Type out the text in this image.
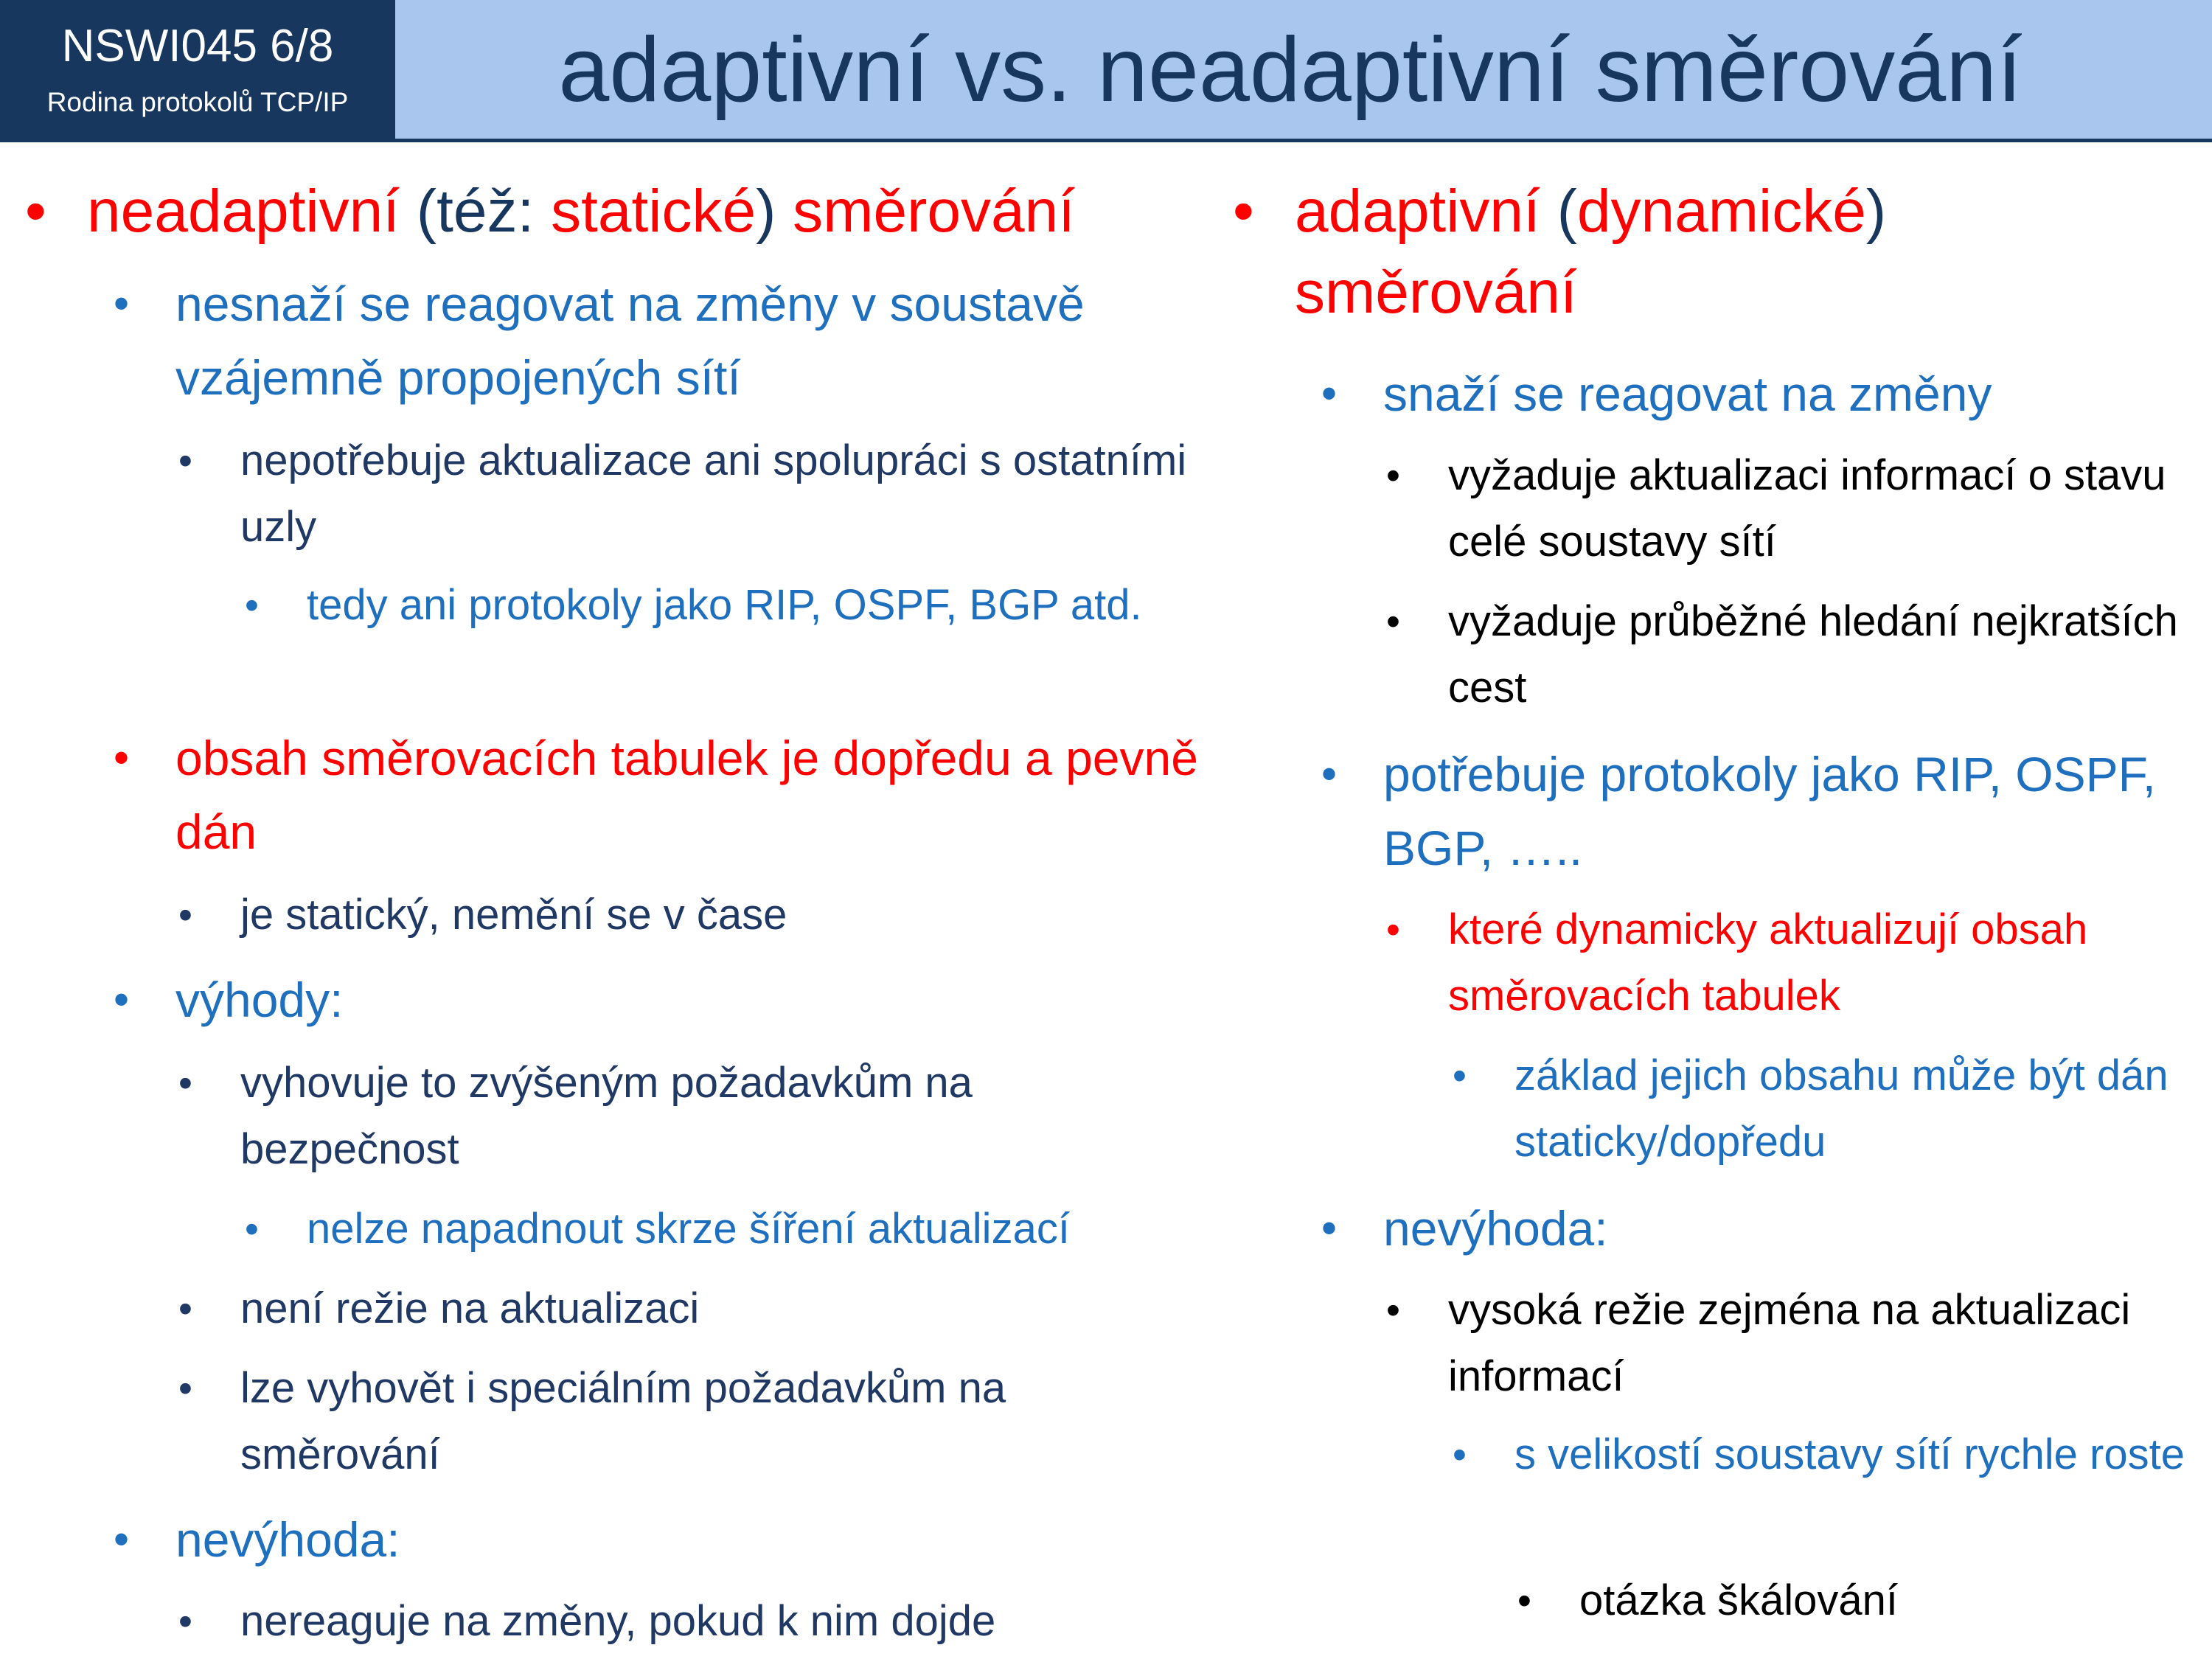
NSWI045 6/8
Rodina protokolů TCP/IP	adaptivní vs. neadaptivní směrování
• neadaptivní (též: statické) směrování
• nesnaží se reagovat na změny v soustavě vzájemně propojených sítí
• nepotřebuje aktualizace ani spolupráci s ostatními uzly
• tedy ani protokoly jako RIP, OSPF, BGP atd.
• obsah směrovacích tabulek je dopředu a pevně dán
• je statický, nemění se v čase
• výhody:
• vyhovuje to zvýšeným požadavkům na bezpečnost
• nelze napadnout skrze šíření aktualizací
• není režie na aktualizaci
• lze vyhovět i speciálním požadavkům na směrování
• nevýhoda:
• nereaguje na změny, pokud k nim dojde
• adaptivní (dynamické)
směrování
• snaží se reagovat na změny
• vyžaduje aktualizaci informací o stavu celé soustavy sítí
• vyžaduje průběžné hledání nejkratších cest
• potřebuje protokoly jako RIP, OSPF, BGP, …..
• které dynamicky aktualizují obsah směrovacích tabulek
• základ jejich obsahu může být dán staticky/dopředu
• nevýhoda:
• vysoká režie zejména na aktualizaci informací
• s velikostí soustavy sítí rychle roste
• otázka škálování
